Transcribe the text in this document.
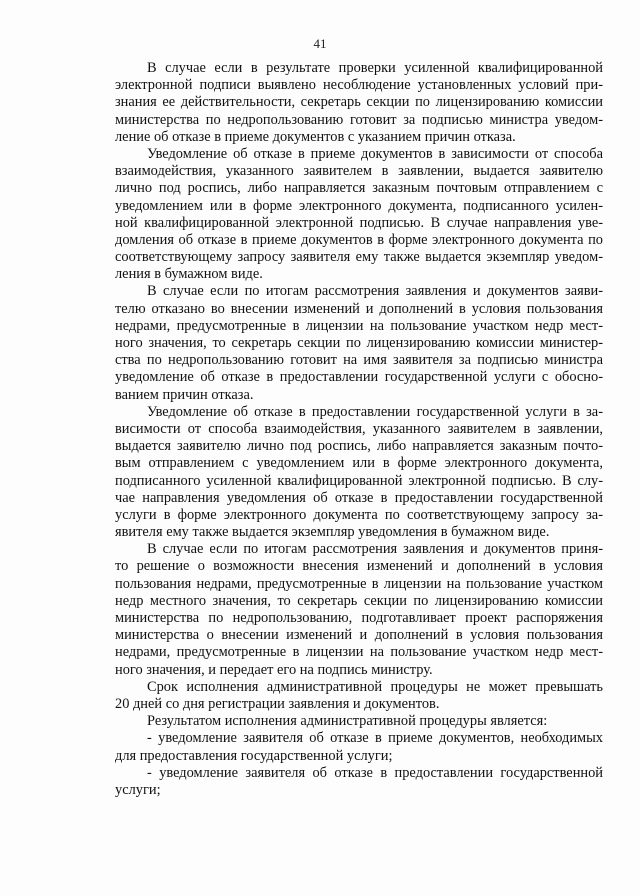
41
В случае если в результате проверки усиленной квалифицированной
электронной подписи выявлено несоблюдение установленных условий при-
знания ее действительности, секретарь секции по лицензированию комиссии
министерства по недропользованию готовит за подписью министра уведом-
ление об отказе в приеме документов с указанием причин отказа.
Уведомление об отказе в приеме документов в зависимости от способа
взаимодействия, указанного заявителем в заявлении, выдается заявителю
лично под роспись, либо направляется заказным почтовым отправлением с
уведомлением или в форме электронного документа, подписанного усилен-
ной квалифицированной электронной подписью. В случае направления уве-
домления об отказе в приеме документов в форме электронного документа по
соответствующему запросу заявителя ему также выдается экземпляр уведом-
ления в бумажном виде.
В случае если по итогам рассмотрения заявления и документов заяви-
телю отказано во внесении изменений и дополнений в условия пользования
недрами, предусмотренные в лицензии на пользование участком недр мест-
ного значения, то секретарь секции по лицензированию комиссии министер-
ства по недропользованию готовит на имя заявителя за подписью министра
уведомление об отказе в предоставлении государственной услуги с обосно-
ванием причин отказа.
Уведомление об отказе в предоставлении государственной услуги в за-
висимости от способа взаимодействия, указанного заявителем в заявлении,
выдается заявителю лично под роспись, либо направляется заказным почто-
вым отправлением с уведомлением или в форме электронного документа,
подписанного усиленной квалифицированной электронной подписью. В слу-
чае направления уведомления об отказе в предоставлении государственной
услуги в форме электронного документа по соответствующему запросу за-
явителя ему также выдается экземпляр уведомления в бумажном виде.
В случае если по итогам рассмотрения заявления и документов приня-
то решение о возможности внесения изменений и дополнений в условия
пользования недрами, предусмотренные в лицензии на пользование участком
недр местного значения, то секретарь секции по лицензированию комиссии
министерства по недропользованию, подготавливает проект распоряжения
министерства о внесении изменений и дополнений в условия пользования
недрами, предусмотренные в лицензии на пользование участком недр мест-
ного значения, и передает его на подпись министру.
Срок исполнения административной процедуры не может превышать
20 дней со дня регистрации заявления и документов.
Результатом исполнения административной процедуры является:
- уведомление заявителя об отказе в приеме документов, необходимых
для предоставления государственной услуги;
- уведомление заявителя об отказе в предоставлении государственной
услуги;
